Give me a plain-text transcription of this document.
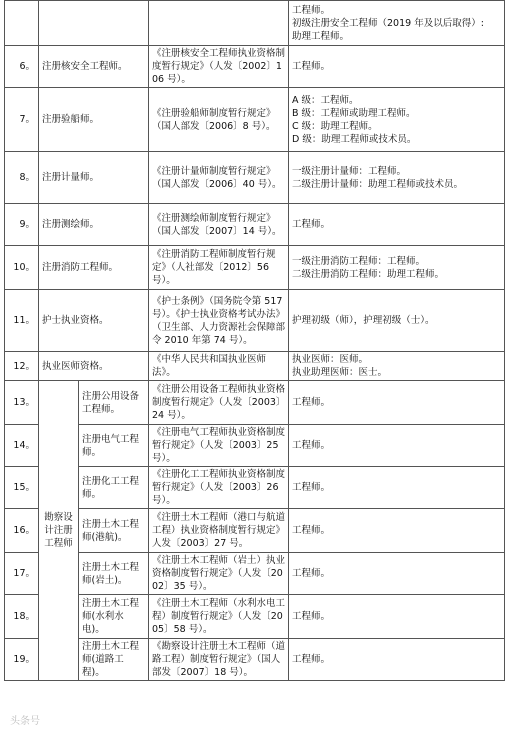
				工程师。
初级注册安全工程师（2019 年及以后取得）:
助理工程师。

6。	注册核安全工程师。		《注册核安全工程师执业资格制度暂行规定》（人发〔2002〕106 号）。	工程师。

7。	注册验船师。		《注册验船师制度暂行规定》（国人部发〔2006〕8 号）。	A 级：工程师。
B 级：工程师或助理工程师。
C 级：助理工程师。
D 级：助理工程师或技术员。

8。	注册计量师。		《注册计量师制度暂行规定》（国人部发〔2006〕40 号）。	一级注册计量师：工程师。
二级注册计量师：助理工程师或技术员。

9。	注册测绘师。		《注册测绘师制度暂行规定》（国人部发〔2007〕14 号）。	工程师。

10。	注册消防工程师。		《注册消防工程师制度暂行规定》（人社部发〔2012〕56 号）。	一级注册消防工程师：工程师。
二级注册消防工程师：助理工程师。

11。	护士执业资格。		《护士条例》（国务院令第 517 号）。《护士执业资格考试办法》（卫生部、人力资源社会保障部令 2010 年第 74 号）。	护理初级（师），护理初级（士）。

12。	执业医师资格。		《中华人民共和国执业医师法》。	执业医师：医师。
执业助理医师：医士。

13。	勘察设计注册工程师	注册公用设备工程师。	《注册公用设备工程师执业资格制度暂行规定》（人发〔2003〕24 号）。	工程师。

14。		注册电气工程师。	《注册电气工程师执业资格制度暂行规定》（人发〔2003〕25 号）。	工程师。

15。		注册化工工程师。	《注册化工工程师执业资格制度暂行规定》（人发〔2003〕26 号）。	工程师。

16。		注册土木工程师(港航)。	《注册土木工程师（港口与航道工程）执业资格制度暂行规定》人发〔2003〕27 号。	工程师。

17。		注册土木工程师(岩土)。	《注册土木工程师（岩土）执业资格制度暂行规定》（人发〔2002〕35 号）。	工程师。

18。		注册土木工程师(水利水电)。	《注册土木工程师（水利水电工程）制度暂行规定》（人发〔2005〕58 号）。	工程师。

19。		注册土木工程师(道路工程)。	《勘察设计注册土木工程师（道路工程）制度暂行规定》（国人部发〔2007〕18 号）。	工程师。
头条号
